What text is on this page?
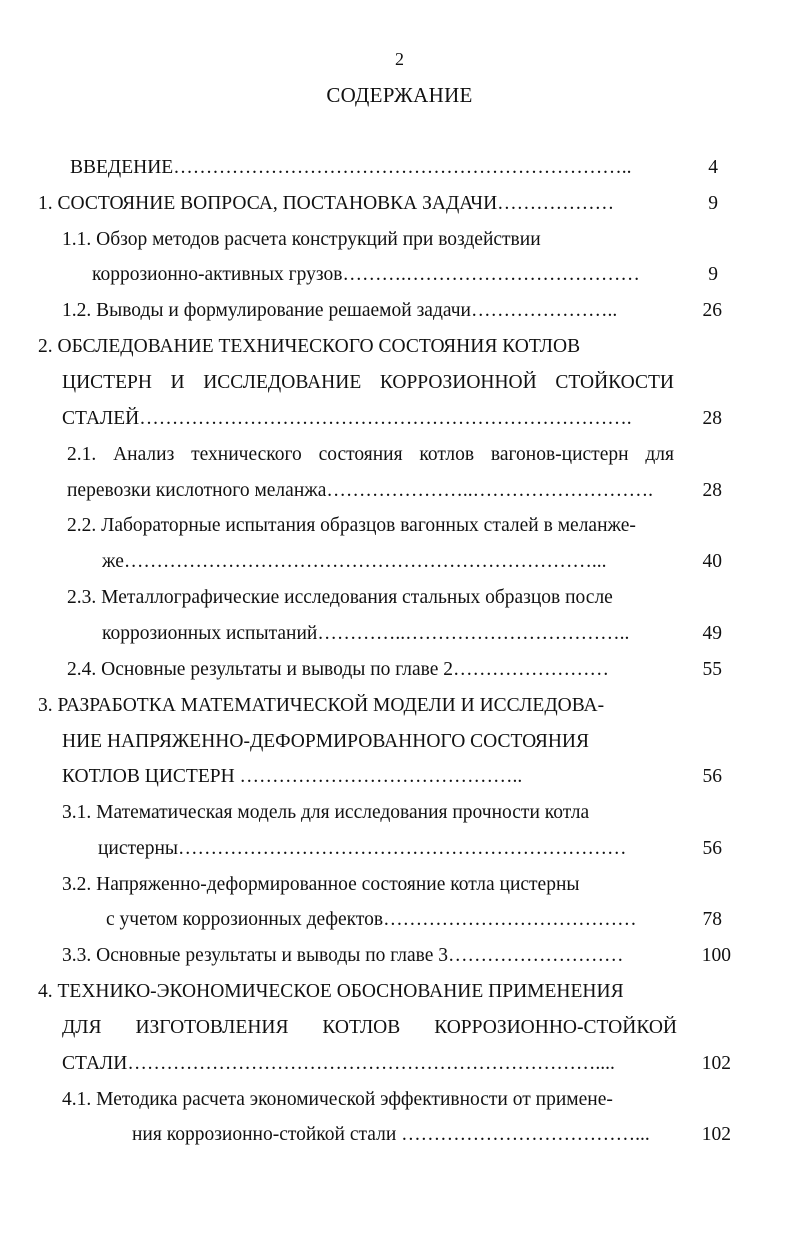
2
СОДЕРЖАНИЕ
ВВЕДЕНИЕ……………………………………………………………..	4
1. СОСТОЯНИЕ ВОПРОСА, ПОСТАНОВКА ЗАДАЧИ………………	9
1.1. Обзор методов расчета конструкций при воздействии
коррозионно-активных грузов……….………………………………	9
1.2. Выводы и формулирование решаемой задачи…………………..	26
2. ОБСЛЕДОВАНИЕ ТЕХНИЧЕСКОГО СОСТОЯНИЯ КОТЛОВ
ЦИСТЕРН И ИССЛЕДОВАНИЕ КОРРОЗИОННОЙ СТОЙКОСТИ
СТАЛЕЙ………………………………………………………………….	28
2.1. Анализ технического состояния котлов вагонов-цистерн для
перевозки кислотного меланжа…………………..……………………….	28
2.2. Лабораторные испытания образцов вагонных сталей в меланже-
же………………………………………………………………...	40
2.3. Металлографические исследования стальных образцов после
коррозионных испытаний…………..……………………………..	49
2.4. Основные результаты и выводы по главе 2……………………	55
3. РАЗРАБОТКА МАТЕМАТИЧЕСКОЙ МОДЕЛИ И ИССЛЕДОВА-
НИЕ НАПРЯЖЕННО-ДЕФОРМИРОВАННОГО СОСТОЯНИЯ
КОТЛОВ ЦИСТЕРН ……………………………………..	56
3.1. Математическая модель для исследования прочности котла
цистерны……………………………………………………………	56
3.2. Напряженно-деформированное состояние котла цистерны
с учетом коррозионных дефектов…………………………………	78
3.3. Основные результаты и выводы по главе 3………………………	100
4. ТЕХНИКО-ЭКОНОМИЧЕСКОЕ ОБОСНОВАНИЕ ПРИМЕНЕНИЯ
ДЛЯ ИЗГОТОВЛЕНИЯ КОТЛОВ КОРРОЗИОННО-СТОЙКОЙ
СТАЛИ………………………………………………………………....	102
4.1. Методика расчета экономической эффективности от примене-
ния коррозионно-стойкой стали ………………………………...	102
